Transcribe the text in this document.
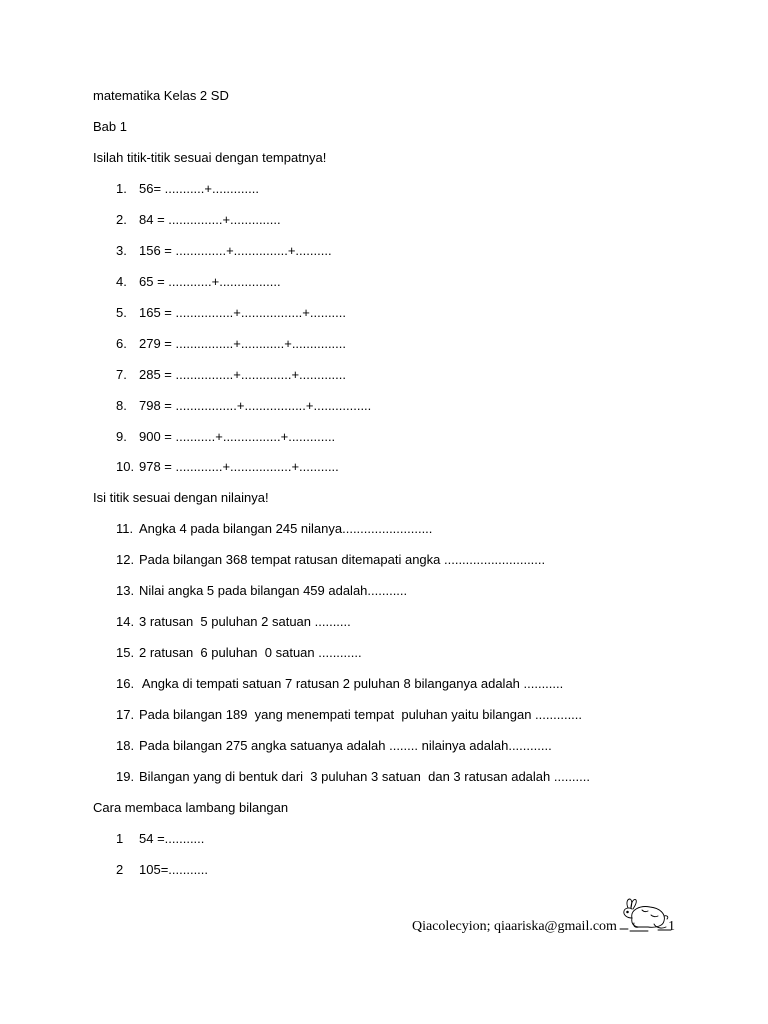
matematika Kelas 2 SD
Bab 1
Isilah titik-titik sesuai dengan tempatnya!
1. 56= ...........+.............
2. 84 = ...............+..............
3. 156 = ..............+...............+..........
4. 65 = ............+.................
5. 165 = ................+.................+..........
6. 279 = ................+............+...............
7. 285 = ................+..............+.............
8. 798 = .................+.................+................
9. 900 = ...........+................+.............
10. 978 = .............+.................+...........
Isi titik sesuai dengan nilainya!
11. Angka 4 pada bilangan 245 nilanya.........................
12. Pada bilangan 368 tempat ratusan ditemapati angka ............................
13. Nilai angka 5 pada bilangan 459 adalah...........
14. 3 ratusan  5 puluhan 2 satuan ..........
15. 2 ratusan  6 puluhan  0 satuan ............
16. Angka di tempati satuan 7 ratusan 2 puluhan 8 bilanganya adalah ...........
17. Pada bilangan 189  yang menempati tempat  puluhan yaitu bilangan .............
18. Pada bilangan 275 angka satuanya adalah ........ nilainya adalah............
19. Bilangan yang di bentuk dari  3 puluhan 3 satuan  dan 3 ratusan adalah ..........
Cara membaca lambang bilangan
1 54 =...........
2 105=...........
Qiacolecyion; qiaariska@gmail.com	1
